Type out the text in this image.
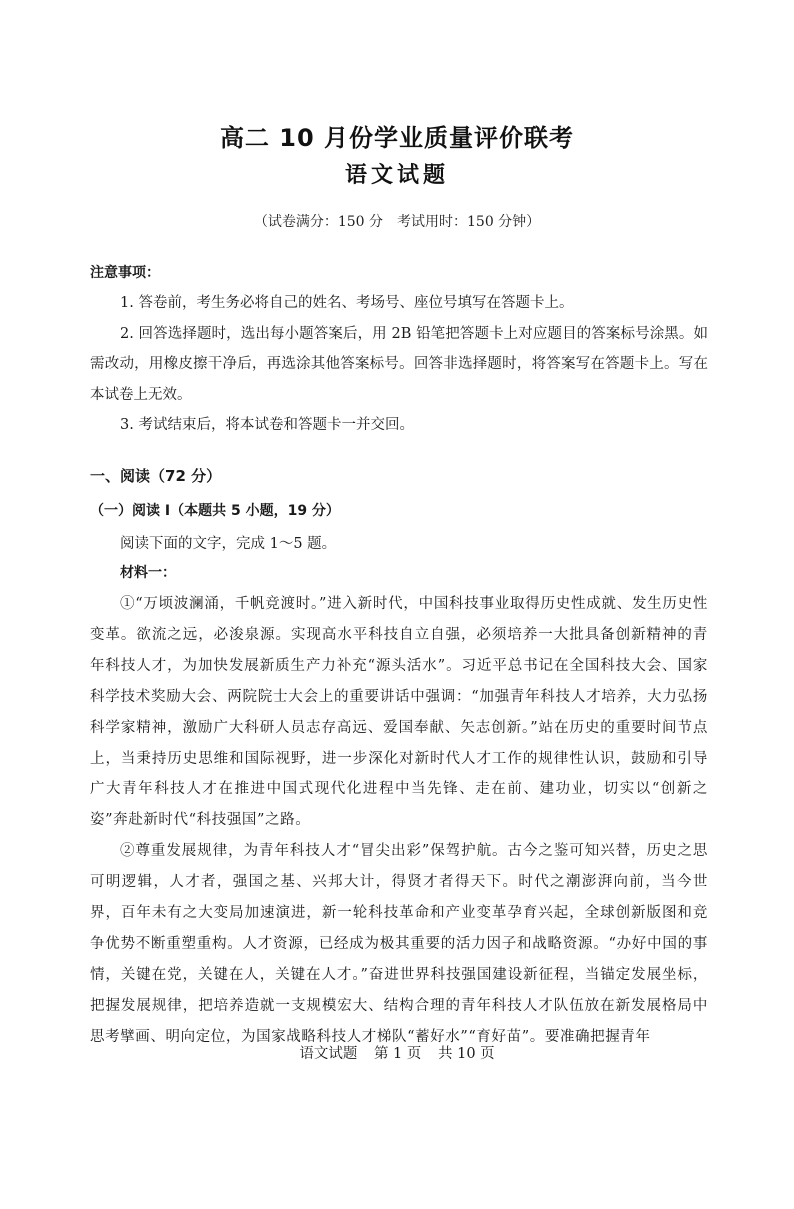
高二 10 月份学业质量评价联考
语文试题
（试卷满分：150 分　考试用时：150 分钟）
注意事项：

1. 答卷前，考生务必将自己的姓名、考场号、座位号填写在答题卡上。

2. 回答选择题时，选出每小题答案后，用 2B 铅笔把答题卡上对应题目的答案标号涂黑。如需改动，用橡皮擦干净后，再选涂其他答案标号。回答非选择题时，将答案写在答题卡上。写在本试卷上无效。

3. 考试结束后，将本试卷和答题卡一并交回。

一、阅读（72 分）
（一）阅读 Ⅰ（本题共 5 小题，19 分）
阅读下面的文字，完成 1～5 题。
材料一：

①“万顷波澜涌，千帆竞渡时。”进入新时代，中国科技事业取得历史性成就、发生历史性变革。欲流之远，必浚泉源。实现高水平科技自立自强，必须培养一大批具备创新精神的青年科技人才，为加快发展新质生产力补充“源头活水”。习近平总书记在全国科技大会、国家科学技术奖励大会、两院院士大会上的重要讲话中强调：“加强青年科技人才培养，大力弘扬科学家精神，激励广大科研人员志存高远、爱国奉献、矢志创新。”站在历史的重要时间节点上，当秉持历史思维和国际视野，进一步深化对新时代人才工作的规律性认识，鼓励和引导广大青年科技人才在推进中国式现代化进程中当先锋、走在前、建功业，切实以“创新之姿”奔赴新时代“科技强国”之路。

②尊重发展规律，为青年科技人才“冒尖出彩”保驾护航。古今之鉴可知兴替，历史之思可明逻辑，人才者，强国之基、兴邦大计，得贤才者得天下。时代之潮澎湃向前，当今世界，百年未有之大变局加速演进，新一轮科技革命和产业变革孕育兴起，全球创新版图和竞争优势不断重塑重构。人才资源，已经成为极其重要的活力因子和战略资源。“办好中国的事情，关键在党，关键在人，关键在人才。”奋进世界科技强国建设新征程，当锚定发展坐标，把握发展规律，把培养造就一支规模宏大、结构合理的青年科技人才队伍放在新发展格局中思考擘画、明向定位，为国家战略科技人才梯队“蓄好水”“育好苗”。要准确把握青年

语文试题 第 1 页 共 10 页
